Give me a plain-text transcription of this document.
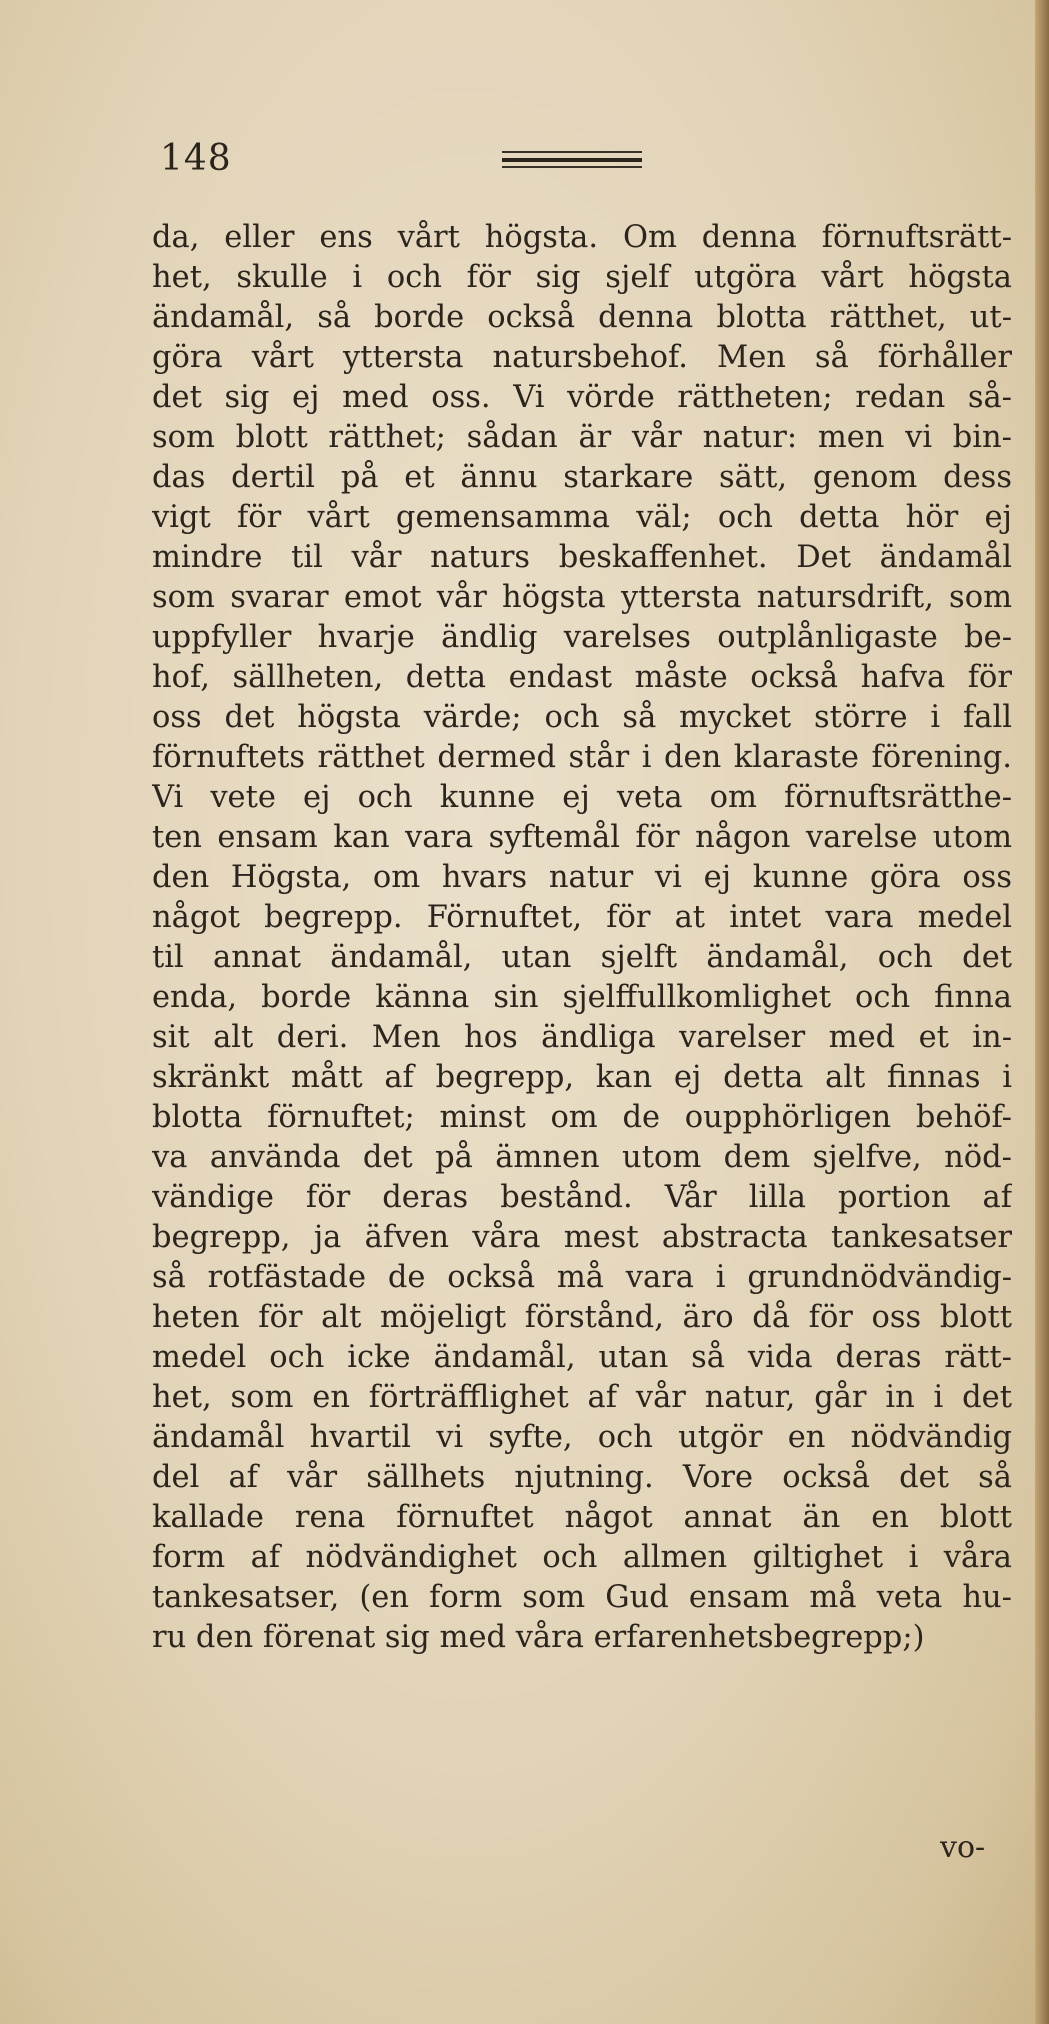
148
da, eller ens vårt högsta. Om denna förnuftsrätt-
het, skulle i och för sig sjelf utgöra vårt högsta
ändamål, så borde också denna blotta rätthet, ut-
göra vårt ytterstа natursbehof. Men så förhåller
det sig ej med oss. Vi vörde rättheten; redan så-
som blott rätthet; sådan är vår natur: men vi bin-
das dertil på et ännu starkare sätt, genom dess
vigt för vårt gemensamma väl; och detta hör ej
mindre til vår naturs beskaffenhet. Det ändamål
som svarar emot vår högsta ytterstа natursdrift, som
uppfyller hvarje ändlig varelses outplånligaste be-
hof, sällheten, detta endast måste också hafva för
oss det högsta värde; och så mycket större i fall
förnuftets rätthet dermed står i den klaraste förening.
Vi vete ej och kunne ej veta om förnuftsrätthe-
ten ensam kan vara syftemål för någon varelse utom
den Högsta, om hvars natur vi ej kunne göra oss
något begrepp. Förnuftet, för at intet vara medel
til annat ändamål, utan sjelft ändamål, och det
enda, borde känna sin sjelffullkomlighet och finna
sit alt deri. Men hos ändliga varelser med et in-
skränkt mått af begrepp, kan ej detta alt finnas i
blotta förnuftet; minst om de oupphörligen behöf-
va använda det på ämnen utom dem sjelfve, nöd-
vändige för deras bestånd. Vår lilla portion af
begrepp, ja äfven våra mest abstracta tankesatser
så rotfästade de också må vara i grundnödvändig-
heten för alt möjeligt förstånd, äro då för oss blott
medel och icke ändamål, utan så vida deras rätt-
het, som en förträfflighet af vår natur, går in i det
ändamål hvartil vi syfte, och utgör en nödvändig
del af vår sällhets njutning. Vore också det så
kallade rena förnuftet något annat än en blott
form af nödvändighet och allmen giltighet i våra
tankesatser, (en form som Gud ensam må veta hu-
ru den förenat sig med våra erfarenhetsbegrepp;)
vo-
